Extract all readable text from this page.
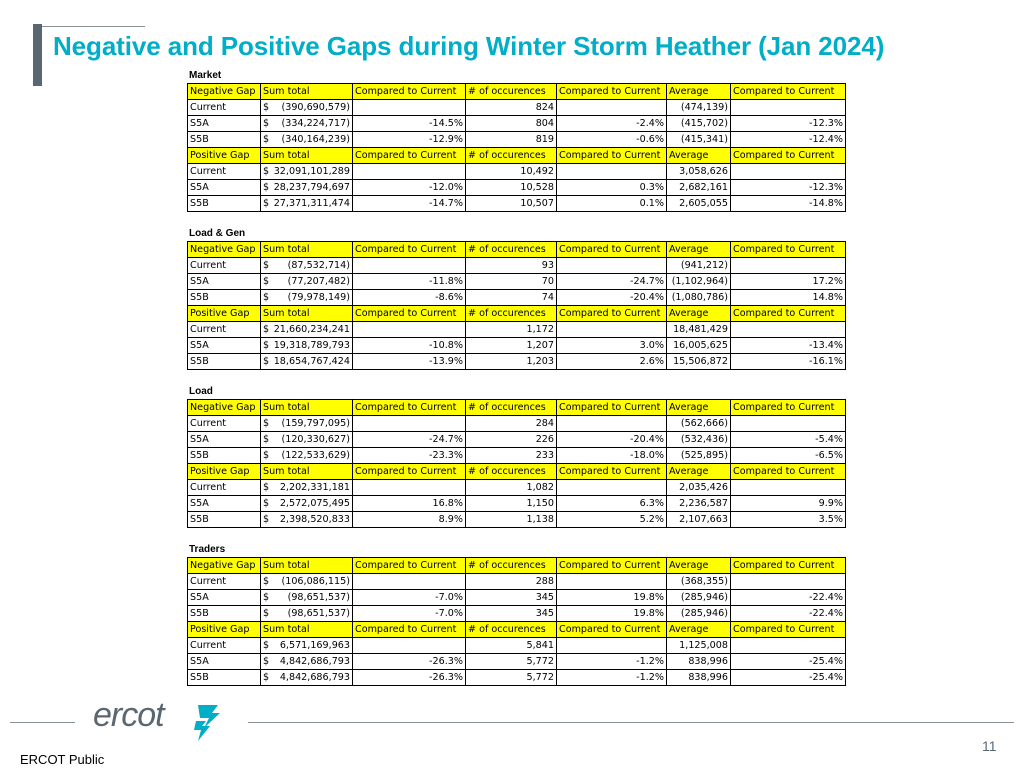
Negative and Positive Gaps during Winter Storm Heather (Jan 2024)
Market
Negative Gap	Sum total	Compared to Current	# of occurences	Compared to Current	Average	Compared to Current
Current	$ (390,690,579)		824		(474,139)	
S5A	$ (334,224,717)	-14.5%	804	-2.4%	(415,702)	-12.3%
S5B	$ (340,164,239)	-12.9%	819	-0.6%	(415,341)	-12.4%
Positive Gap	Sum total	Compared to Current	# of occurences	Compared to Current	Average	Compared to Current
Current	$ 32,091,101,289		10,492		3,058,626	
S5A	$ 28,237,794,697	-12.0%	10,528	0.3%	2,682,161	-12.3%
S5B	$ 27,371,311,474	-14.7%	10,507	0.1%	2,605,055	-14.8%
Load & Gen
Negative Gap	Sum total	Compared to Current	# of occurences	Compared to Current	Average	Compared to Current
Current	$ (87,532,714)		93		(941,212)	
S5A	$ (77,207,482)	-11.8%	70	-24.7%	(1,102,964)	17.2%
S5B	$ (79,978,149)	-8.6%	74	-20.4%	(1,080,786)	14.8%
Positive Gap	Sum total	Compared to Current	# of occurences	Compared to Current	Average	Compared to Current
Current	$ 21,660,234,241		1,172		18,481,429	
S5A	$ 19,318,789,793	-10.8%	1,207	3.0%	16,005,625	-13.4%
S5B	$ 18,654,767,424	-13.9%	1,203	2.6%	15,506,872	-16.1%
Load
Negative Gap	Sum total	Compared to Current	# of occurences	Compared to Current	Average	Compared to Current
Current	$ (159,797,095)		284		(562,666)	
S5A	$ (120,330,627)	-24.7%	226	-20.4%	(532,436)	-5.4%
S5B	$ (122,533,629)	-23.3%	233	-18.0%	(525,895)	-6.5%
Positive Gap	Sum total	Compared to Current	# of occurences	Compared to Current	Average	Compared to Current
Current	$ 2,202,331,181		1,082		2,035,426	
S5A	$ 2,572,075,495	16.8%	1,150	6.3%	2,236,587	9.9%
S5B	$ 2,398,520,833	8.9%	1,138	5.2%	2,107,663	3.5%
Traders
Negative Gap	Sum total	Compared to Current	# of occurences	Compared to Current	Average	Compared to Current
Current	$ (106,086,115)		288		(368,355)	
S5A	$ (98,651,537)	-7.0%	345	19.8%	(285,946)	-22.4%
S5B	$ (98,651,537)	-7.0%	345	19.8%	(285,946)	-22.4%
Positive Gap	Sum total	Compared to Current	# of occurences	Compared to Current	Average	Compared to Current
Current	$ 6,571,169,963		5,841		1,125,008	
S5A	$ 4,842,686,793	-26.3%	5,772	-1.2%	838,996	-25.4%
S5B	$ 4,842,686,793	-26.3%	5,772	-1.2%	838,996	-25.4%
ercot
11
ERCOT Public
